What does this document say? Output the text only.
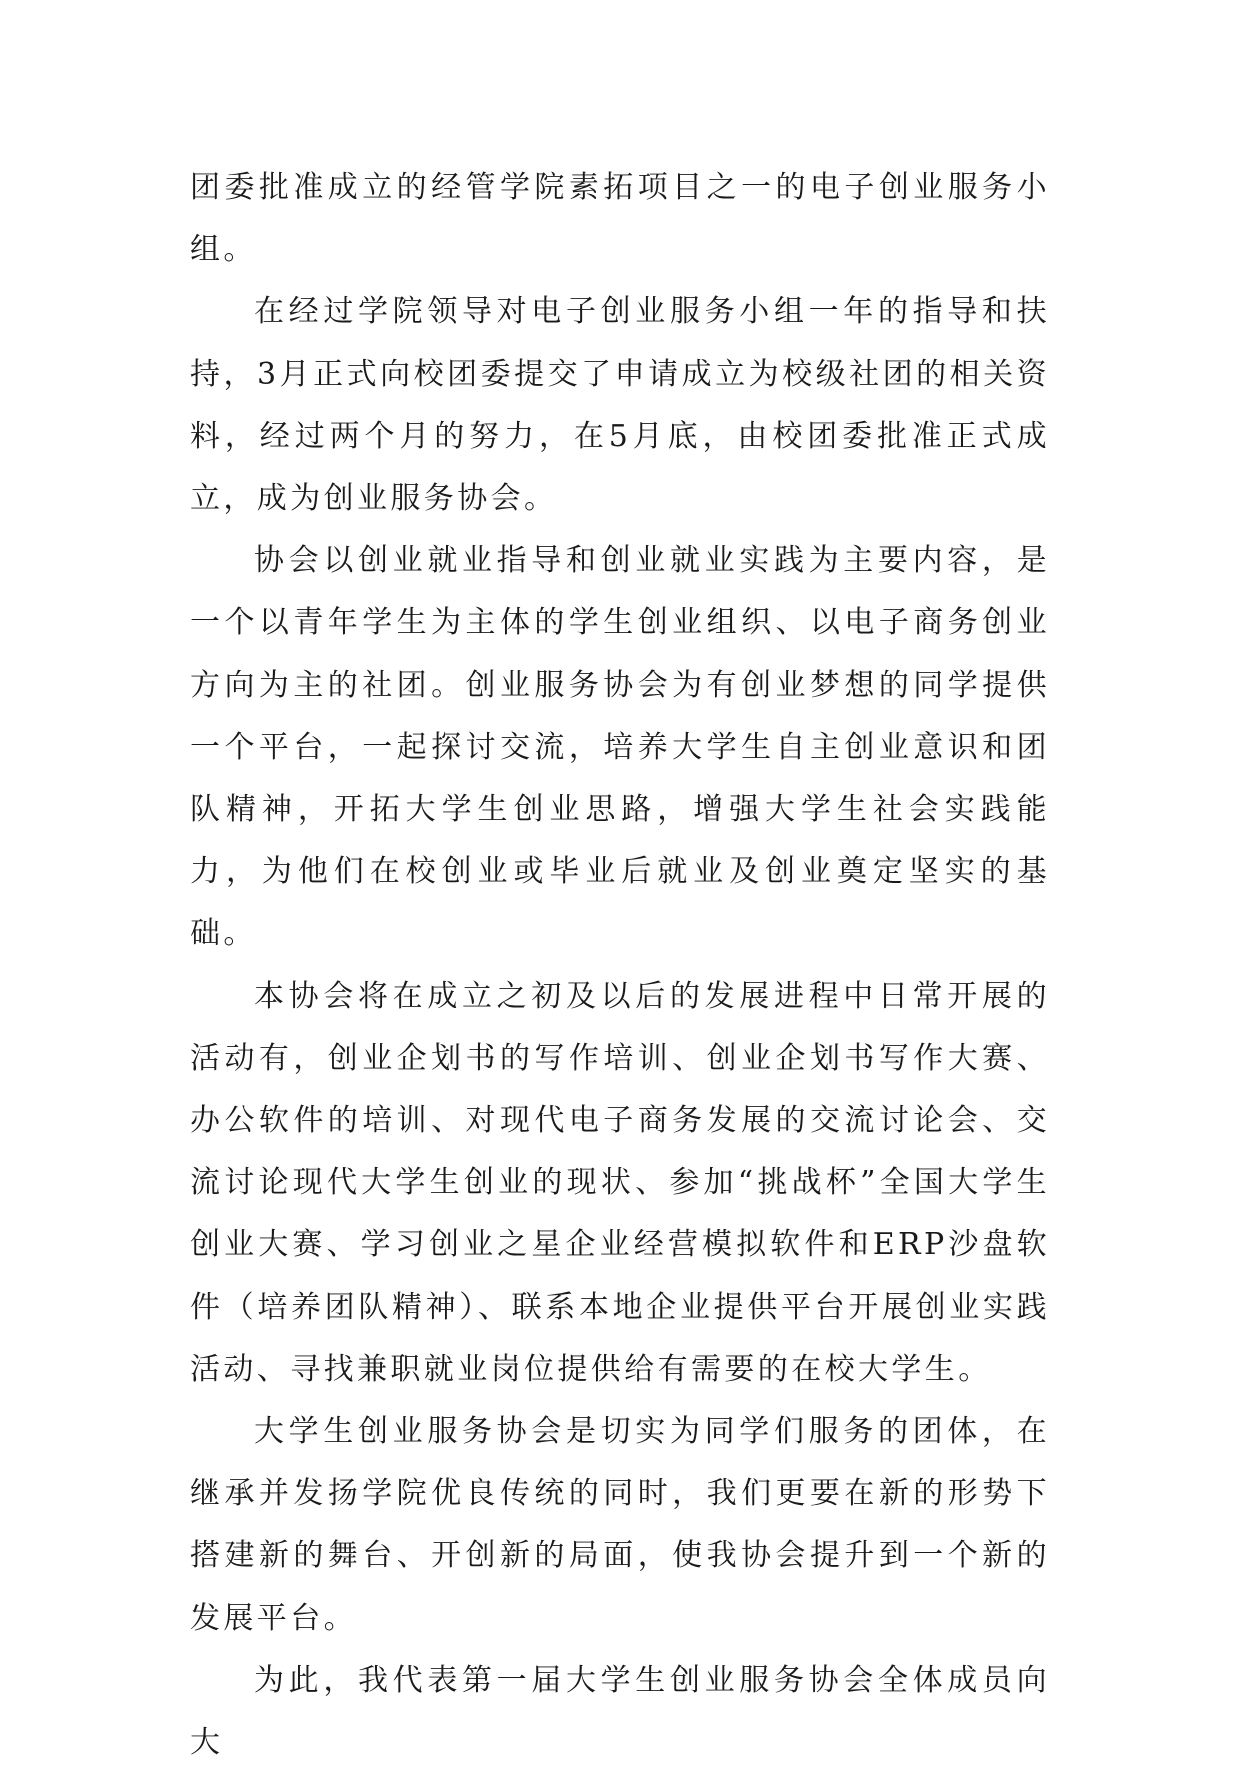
团委批准成立的经管学院素拓项目之一的电子创业服务小组。

在经过学院领导对电子创业服务小组一年的指导和扶持，3月正式向校团委提交了申请成立为校级社团的相关资料，经过两个月的努力，在5月底，由校团委批准正式成立，成为创业服务协会。

协会以创业就业指导和创业就业实践为主要内容，是一个以青年学生为主体的学生创业组织、以电子商务创业方向为主的社团。创业服务协会为有创业梦想的同学提供一个平台，一起探讨交流，培养大学生自主创业意识和团队精神，开拓大学生创业思路，增强大学生社会实践能力，为他们在校创业或毕业后就业及创业奠定坚实的基础。

本协会将在成立之初及以后的发展进程中日常开展的活动有，创业企划书的写作培训、创业企划书写作大赛、办公软件的培训、对现代电子商务发展的交流讨论会、交流讨论现代大学生创业的现状、参加“挑战杯”全国大学生创业大赛、学习创业之星企业经营模拟软件和ERP沙盘软件（培养团队精神）、联系本地企业提供平台开展创业实践活动、寻找兼职就业岗位提供给有需要的在校大学生。

大学生创业服务协会是切实为同学们服务的团体，在继承并发扬学院优良传统的同时，我们更要在新的形势下搭建新的舞台、开创新的局面，使我协会提升到一个新的发展平台。

为此，我代表第一届大学生创业服务协会全体成员向大
